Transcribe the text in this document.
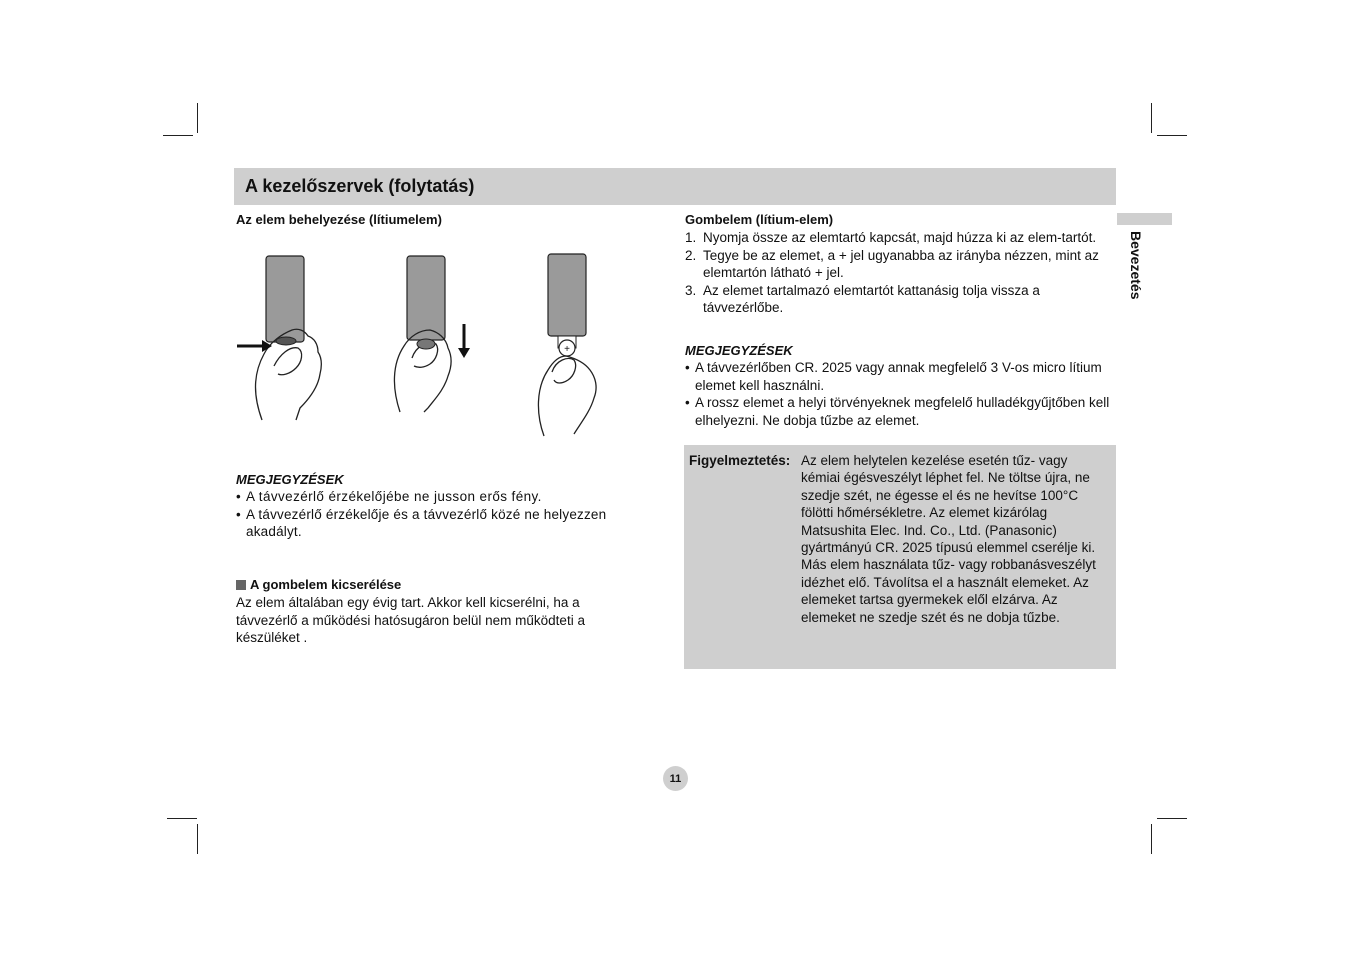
A kezelőszervek (folytatás)
Bevezetés
Az elem behelyezése (lítiumelem)
+
MEGJEGYZÉSEK
• A távvezérlő érzékelőjébe ne jusson erős fény.
• A távvezérlő érzékelője és a távvezérlő közé ne helyezzen akadályt.
A gombelem kicserélése

Az elem általában egy évig tart. Akkor kell kicserélni, ha a távvezérlő a működési hatósugáron belül nem működteti a készüléket .

Gombelem (lítium-elem)
1. Nyomja össze az elemtartó kapcsát, majd húzza ki az elem-tartót.
2. Tegye be az elemet, a + jel ugyanabba az irányba nézzen, mint az elemtartón látható + jel.
3. Az elemet tartalmazó elemtartót kattanásig tolja vissza a távvezérlőbe.
MEGJEGYZÉSEK
• A távvezérlőben CR. 2025 vagy annak megfelelő 3 V-os micro lítium elemet kell használni.
• A rossz elemet a helyi törvényeknek megfelelő hulladékgyűjtőben kell elhelyezni. Ne dobja tűzbe az elemet.
Figyelmeztetés: Az elem helytelen kezelése esetén tűz- vagy kémiai égésveszélyt léphet fel. Ne töltse újra, ne szedje szét, ne égesse el és ne hevítse 100°C fölötti hőmérsékletre. Az elemet kizárólag Matsushita Elec. Ind. Co., Ltd. (Panasonic) gyártmányú CR. 2025 típusú elemmel cserélje ki. Más elem használata tűz- vagy robbanásveszélyt idézhet elő. Távolítsa el a használt elemeket. Az elemeket tartsa gyermekek elől elzárva. Az elemeket ne szedje szét és ne dobja tűzbe.
11
